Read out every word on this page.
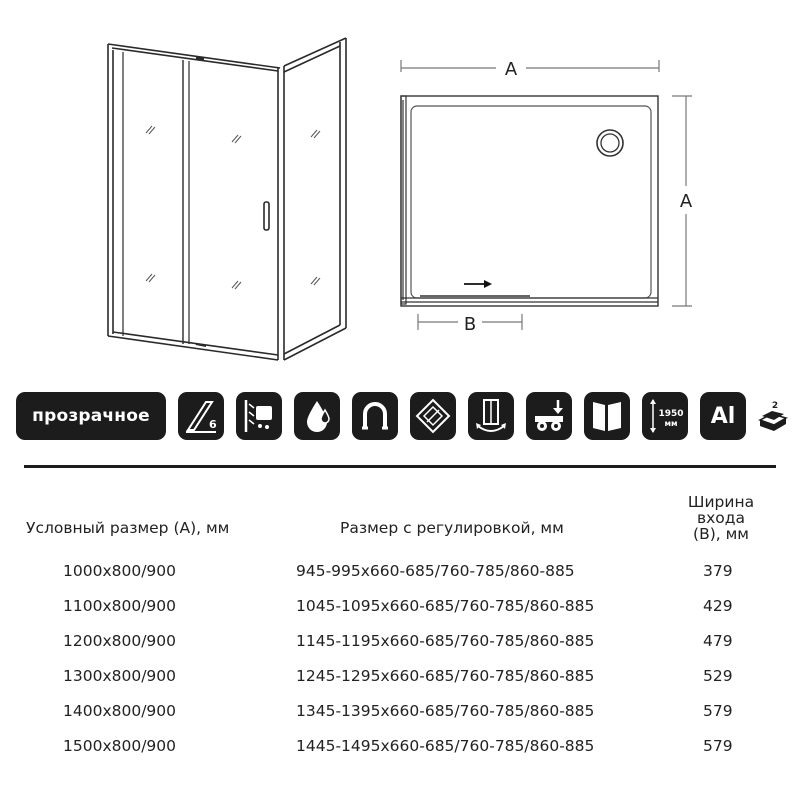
A
A
B
прозрачное	6
1950
мм Al	2
Условный размер (А), мм	Размер с регулировкой, мм
Ширина
входа
(В), мм
1000x800/900	945-995x660-685/760-785/860-885	379
1100x800/900	1045-1095x660-685/760-785/860-885	429
1200x800/900	1145-1195x660-685/760-785/860-885	479
1300x800/900	1245-1295x660-685/760-785/860-885	529
1400x800/900	1345-1395x660-685/760-785/860-885	579
1500x800/900	1445-1495x660-685/760-785/860-885	579
